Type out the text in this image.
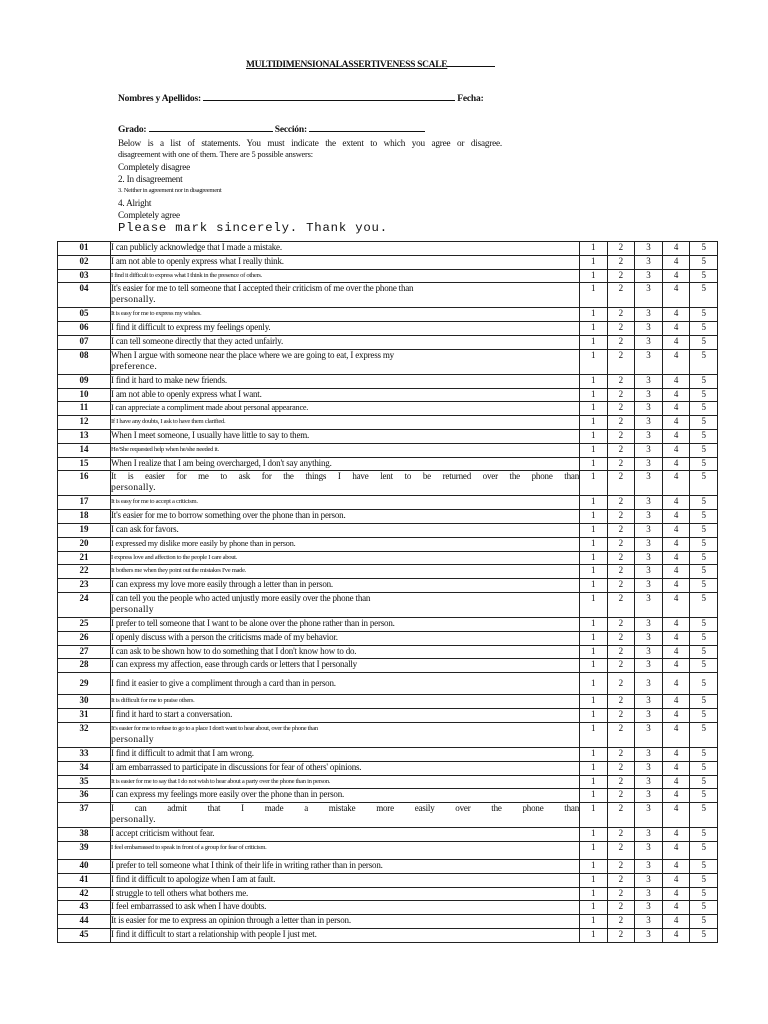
MULTIDIMENSIONALASSERTIVENESS SCALE
Nombres y Apellidos:	Fecha:
Grado:	Sección:
Below is a list of statements. You must indicate the extent to which you agree or disagree.
disagreement with one of them. There are 5 possible answers:
Completely disagree
2. In disagreement
3. Neither in agreement nor in disagreement
4. Alright
Completely agree
Please mark sincerely. Thank you.
01	I can publicly acknowledge that I made a mistake.	1	2	3	4	5
02	I am not able to openly express what I really think.	1	2	3	4	5
03	I find it difficult to express what I think in the presence of others.	1	2	3	4	5
04	It's easier for me to tell someone that I accepted their criticism of me over the phone than
personally.	1	2	3	4	5
05	It is easy for me to express my wishes.	1	2	3	4	5
06	I find it difficult to express my feelings openly.	1	2	3	4	5
07	I can tell someone directly that they acted unfairly.	1	2	3	4	5
08	When I argue with someone near the place where we are going to eat, I express my
preference.	1	2	3	4	5
09	I find it hard to make new friends.	1	2	3	4	5
10	I am not able to openly express what I want.	1	2	3	4	5
11	I can appreciate a compliment made about personal appearance.	1	2	3	4	5
12	If I have any doubts, I ask to have them clarified.	1	2	3	4	5
13	When I meet someone, I usually have little to say to them.	1	2	3	4	5
14	He/She requested help when he/she needed it.	1	2	3	4	5
15	When I realize that I am being overcharged, I don't say anything.	1	2	3	4	5
16	It is easier for me to ask for the things I have lent to be returned over the phone than
personally.	1	2	3	4	5
17	It is easy for me to accept a criticism.	1	2	3	4	5
18	It's easier for me to borrow something over the phone than in person.	1	2	3	4	5
19	I can ask for favors.	1	2	3	4	5
20	I expressed my dislike more easily by phone than in person.	1	2	3	4	5
21	I express love and affection to the people I care about.	1	2	3	4	5
22	It bothers me when they point out the mistakes I've made.	1	2	3	4	5
23	I can express my love more easily through a letter than in person.	1	2	3	4	5
24	I can tell you the people who acted unjustly more easily over the phone than
personally	1	2	3	4	5
25	I prefer to tell someone that I want to be alone over the phone rather than in person.	1	2	3	4	5
26	I openly discuss with a person the criticisms made of my behavior.	1	2	3	4	5
27	I can ask to be shown how to do something that I don't know how to do.	1	2	3	4	5
28	I can express my affection, ease through cards or letters that I personally	1	2	3	4	5
29	I find it easier to give a compliment through a card than in person.	1	2	3	4	5
30	It is difficult for me to praise others.	1	2	3	4	5
31	I find it hard to start a conversation.	1	2	3	4	5
32	It's easier for me to refuse to go to a place I don't want to hear about, over the phone than
personally	1	2	3	4	5
33	I find it difficult to admit that I am wrong.	1	2	3	4	5
34	I am embarrassed to participate in discussions for fear of others' opinions.	1	2	3	4	5
35	It is easier for me to say that I do not wish to hear about a party over the phone than in person.	1	2	3	4	5
36	I can express my feelings more easily over the phone than in person.	1	2	3	4	5
37	I can admit that I made a mistake more easily over the phone than
personally.	1	2	3	4	5
38	I accept criticism without fear.	1	2	3	4	5
39	I feel embarrassed to speak in front of a group for fear of criticism.	1	2	3	4	5
40	I prefer to tell someone what I think of their life in writing rather than in person.	1	2	3	4	5
41	I find it difficult to apologize when I am at fault.	1	2	3	4	5
42	I struggle to tell others what bothers me.	1	2	3	4	5
43	I feel embarrassed to ask when I have doubts.	1	2	3	4	5
44	It is easier for me to express an opinion through a letter than in person.	1	2	3	4	5
45	I find it difficult to start a relationship with people I just met.	1	2	3	4	5
